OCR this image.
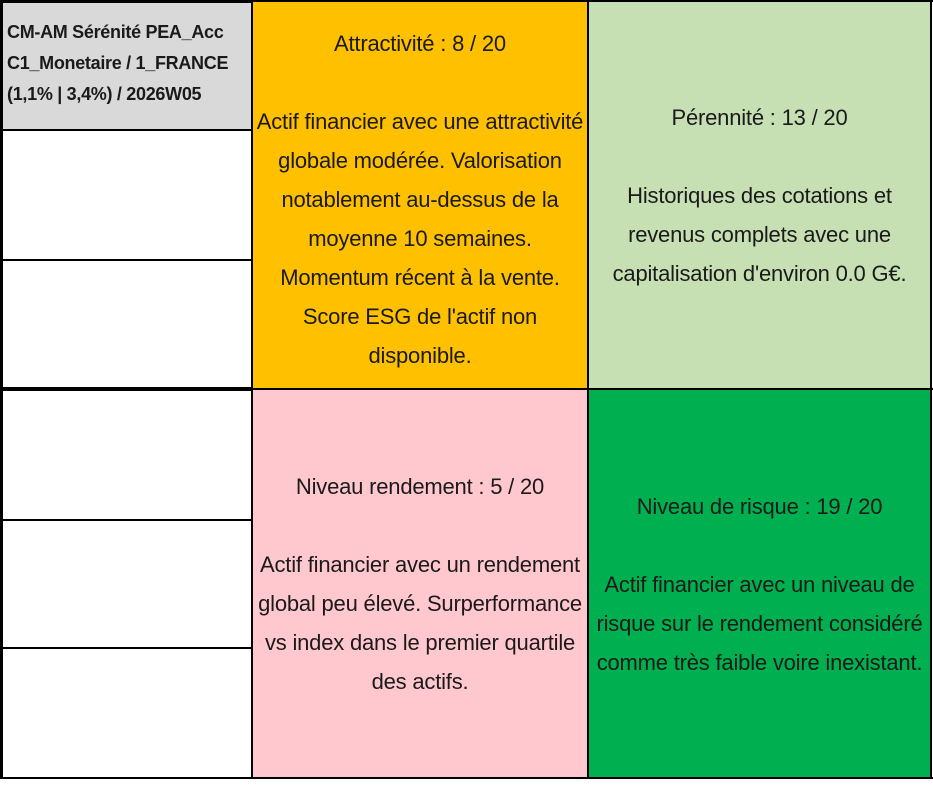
CM-AM Sérénité PEA_Acc
C1_Monetaire / 1_FRANCE
(1,1% | 3,4%) / 2026W05
Attractivité : 8 / 20
Actif financier avec une attractivité globale modérée. Valorisation notablement au-dessus de la moyenne 10 semaines. Momentum récent à la vente. Score ESG de l'actif non disponible.
Pérennité : 13 / 20
Historiques des cotations et revenus complets avec une capitalisation d'environ 0.0 G€.
Niveau rendement : 5 / 20
Actif financier avec un rendement global peu élevé. Surperformance vs index dans le premier quartile des actifs.
Niveau de risque : 19 / 20
Actif financier avec un niveau de risque sur le rendement considéré comme très faible voire inexistant.
